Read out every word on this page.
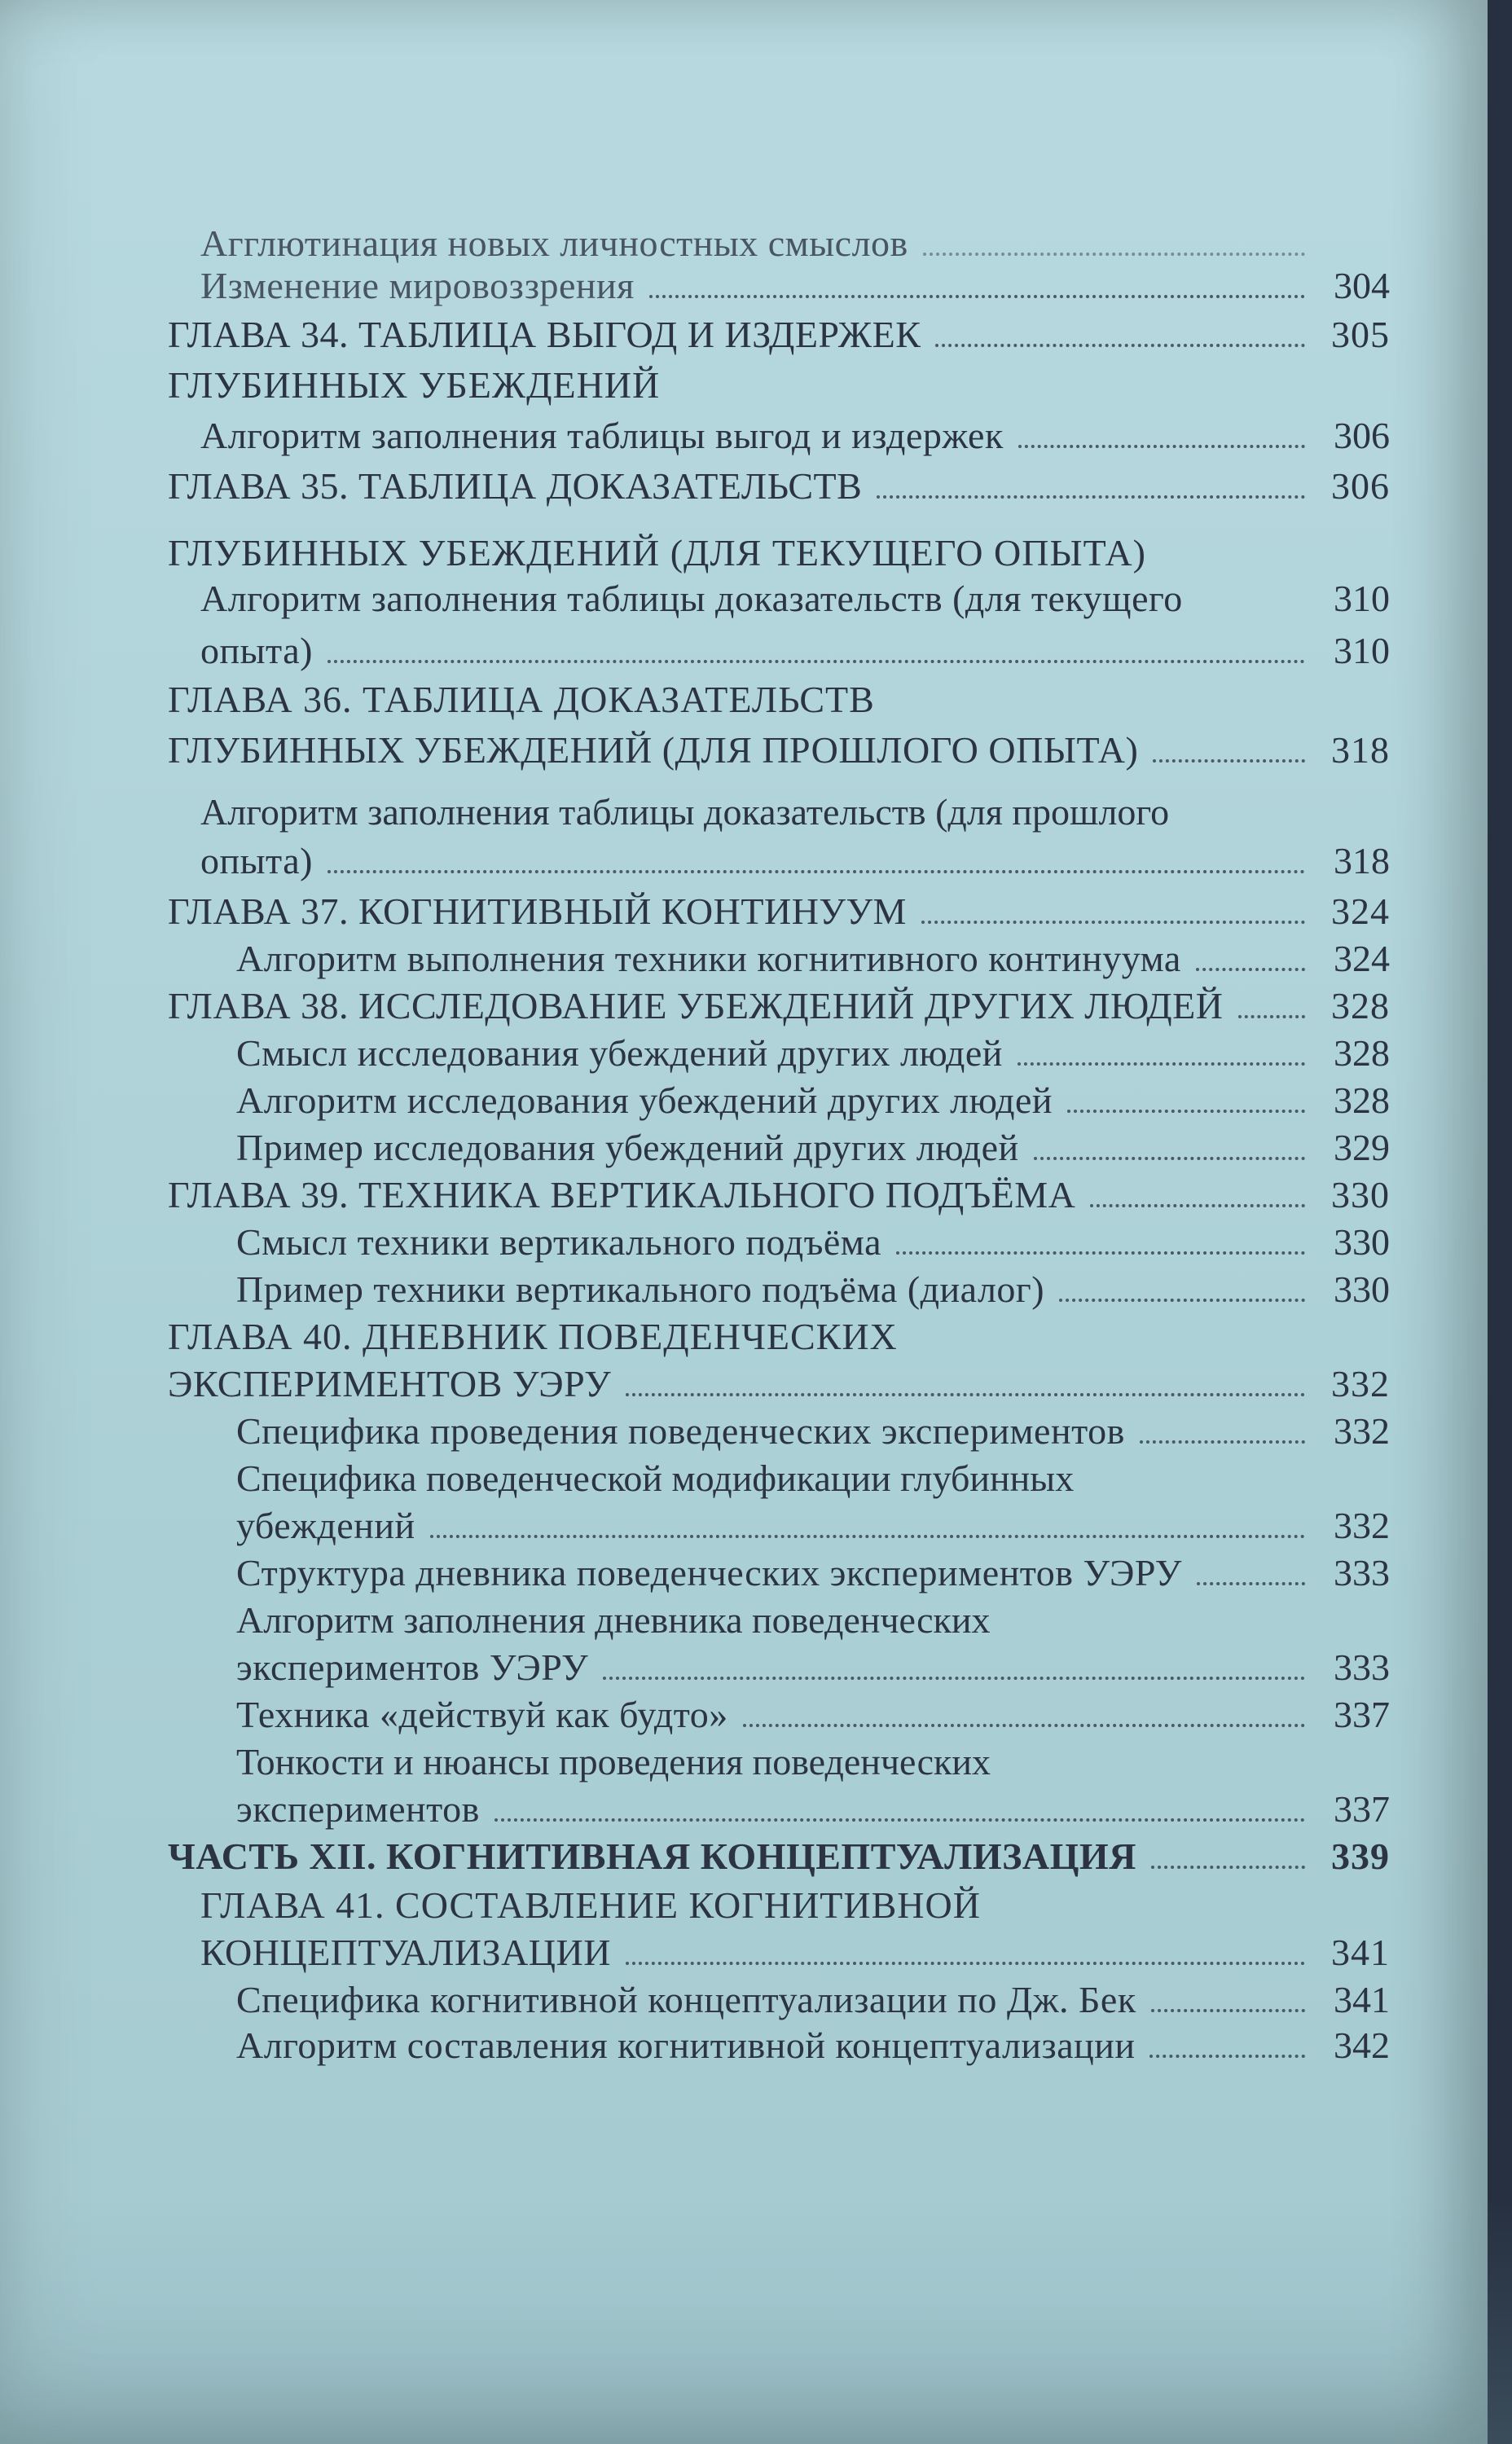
Агглютинация новых личностных смыслов
Изменение мировоззрения	304
ГЛАВА 34. ТАБЛИЦА ВЫГОД И ИЗДЕРЖЕК	305
ГЛУБИННЫХ УБЕЖДЕНИЙ
Алгоритм заполнения таблицы выгод и издержек	306
ГЛАВА 35. ТАБЛИЦА ДОКАЗАТЕЛЬСТВ	306
ГЛУБИННЫХ УБЕЖДЕНИЙ (ДЛЯ ТЕКУЩЕГО ОПЫТА)
Алгоритм заполнения таблицы доказательств (для текущего	310
опыта)	310
ГЛАВА 36. ТАБЛИЦА ДОКАЗАТЕЛЬСТВ
ГЛУБИННЫХ УБЕЖДЕНИЙ (ДЛЯ ПРОШЛОГО ОПЫТА)	318
Алгоритм заполнения таблицы доказательств (для прошлого
опыта)	318
ГЛАВА 37. КОГНИТИВНЫЙ КОНТИНУУМ	324
Алгоритм выполнения техники когнитивного континуума	324
ГЛАВА 38. ИССЛЕДОВАНИЕ УБЕЖДЕНИЙ ДРУГИХ ЛЮДЕЙ	328
Смысл исследования убеждений других людей	328
Алгоритм исследования убеждений других людей	328
Пример исследования убеждений других людей	329
ГЛАВА 39. ТЕХНИКА ВЕРТИКАЛЬНОГО ПОДЪЁМА	330
Смысл техники вертикального подъёма	330
Пример техники вертикального подъёма (диалог)	330
ГЛАВА 40. ДНЕВНИК ПОВЕДЕНЧЕСКИХ
ЭКСПЕРИМЕНТОВ УЭРУ	332
Специфика проведения поведенческих экспериментов	332
Специфика поведенческой модификации глубинных
убеждений	332
Структура дневника поведенческих экспериментов УЭРУ	333
Алгоритм заполнения дневника поведенческих
экспериментов УЭРУ	333
Техника «действуй как будто»	337
Тонкости и нюансы проведения поведенческих
экспериментов	337
ЧАСТЬ XII. КОГНИТИВНАЯ КОНЦЕПТУАЛИЗАЦИЯ	339
ГЛАВА 41. СОСТАВЛЕНИЕ КОГНИТИВНОЙ
КОНЦЕПТУАЛИЗАЦИИ	341
Специфика когнитивной концептуализации по Дж. Бек	341
Алгоритм составления когнитивной концептуализации	342
